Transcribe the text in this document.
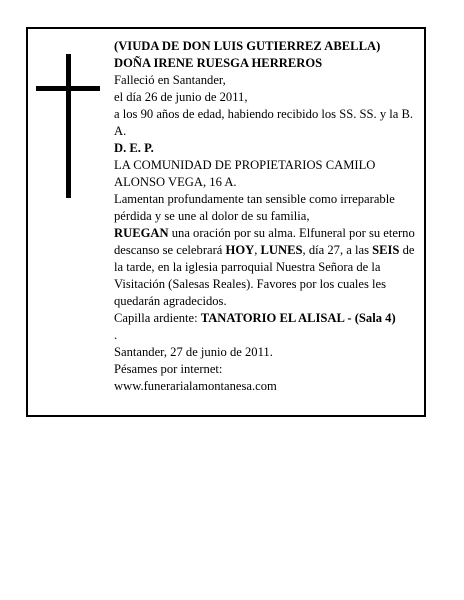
(VIUDA DE DON LUIS GUTIERREZ ABELLA)

DOÑA IRENE RUESGA HERREROS

Falleció en Santander,

el día 26 de junio de 2011,

a los 90 años de edad, habiendo recibido los SS. SS. y la B. A.

D. E. P.

LA COMUNIDAD DE PROPIETARIOS CAMILO ALONSO VEGA, 16 A.

Lamentan profundamente tan sensible como irreparable pérdida y se une al dolor de su familia,

RUEGAN una oración por su alma. Elfuneral por su eterno descanso se celebrará HOY, LUNES, día 27, a las SEIS de la tarde, en la iglesia parroquial Nuestra Señora de la Visitación (Salesas Reales). Favores por los cuales les quedarán agradecidos.

Capilla ardiente: TANATORIO EL ALISAL - (Sala 4)

.

Santander, 27 de junio de 2011.

Pésames por internet:

www.funerarialamontanesa.com
